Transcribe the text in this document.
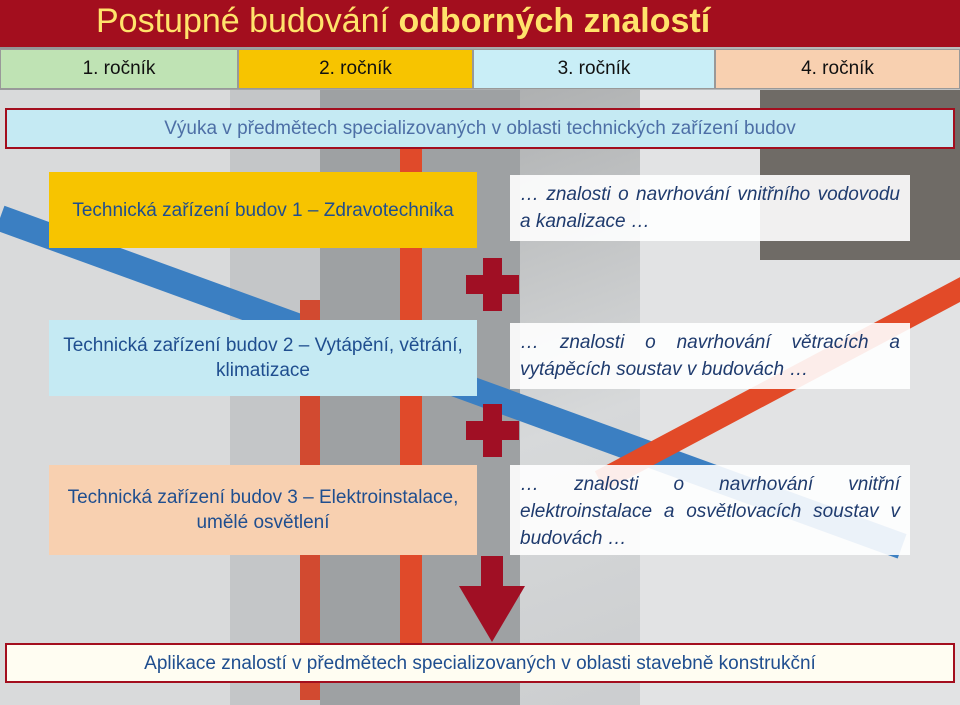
Postupné budování odborných znalostí
1. ročník	2. ročník	3. ročník	4. ročník
Výuka v předmětech specializovaných v oblasti technických zařízení budov
Technická zařízení budov 1 – Zdravotechnika
… znalosti o navrhování vnitřního vodovodu a kanalizace …
Technická zařízení budov 2 – Vytápění, větrání, klimatizace
… znalosti o navrhování větracích a vytápěcích soustav v budovách …
Technická zařízení budov 3 – Elektroinstalace, umělé osvětlení
… znalosti o navrhování vnitřní elektroinstalace a osvětlovacích soustav v budovách …
Aplikace znalostí v předmětech specializovaných v oblasti stavebně konstrukční
